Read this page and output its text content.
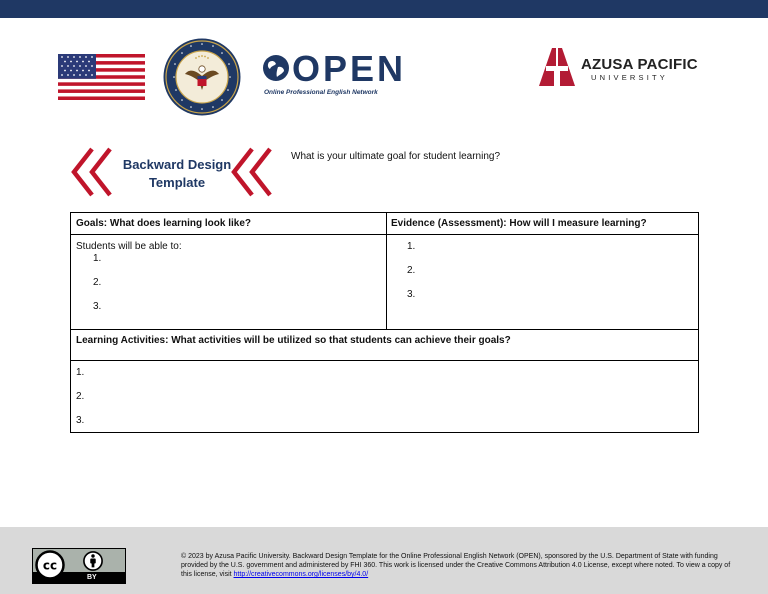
OPEN
Online Professional English Network
AZUSA PACIFIC
UNIVERSITY
Backward Design
Template
What is your ultimate goal for student learning?
Goals: What does learning look like?	Evidence (Assessment): How will I measure learning?
Students will be able to:
1.
2.
3.
1.
2.
3.
Learning Activities: What activities will be utilized so that students can achieve their goals?
1.
2.
3.
cc
BY
© 2023 by Azusa Pacific University. Backward Design Template for the Online Professional English Network (OPEN), sponsored by the U.S. Department of State with funding provided by the U.S. government and administered by FHI 360. This work is licensed under the Creative Commons Attribution 4.0 License, except where noted. To view a copy of this license, visit http://creativecommons.org/licenses/by/4.0/
